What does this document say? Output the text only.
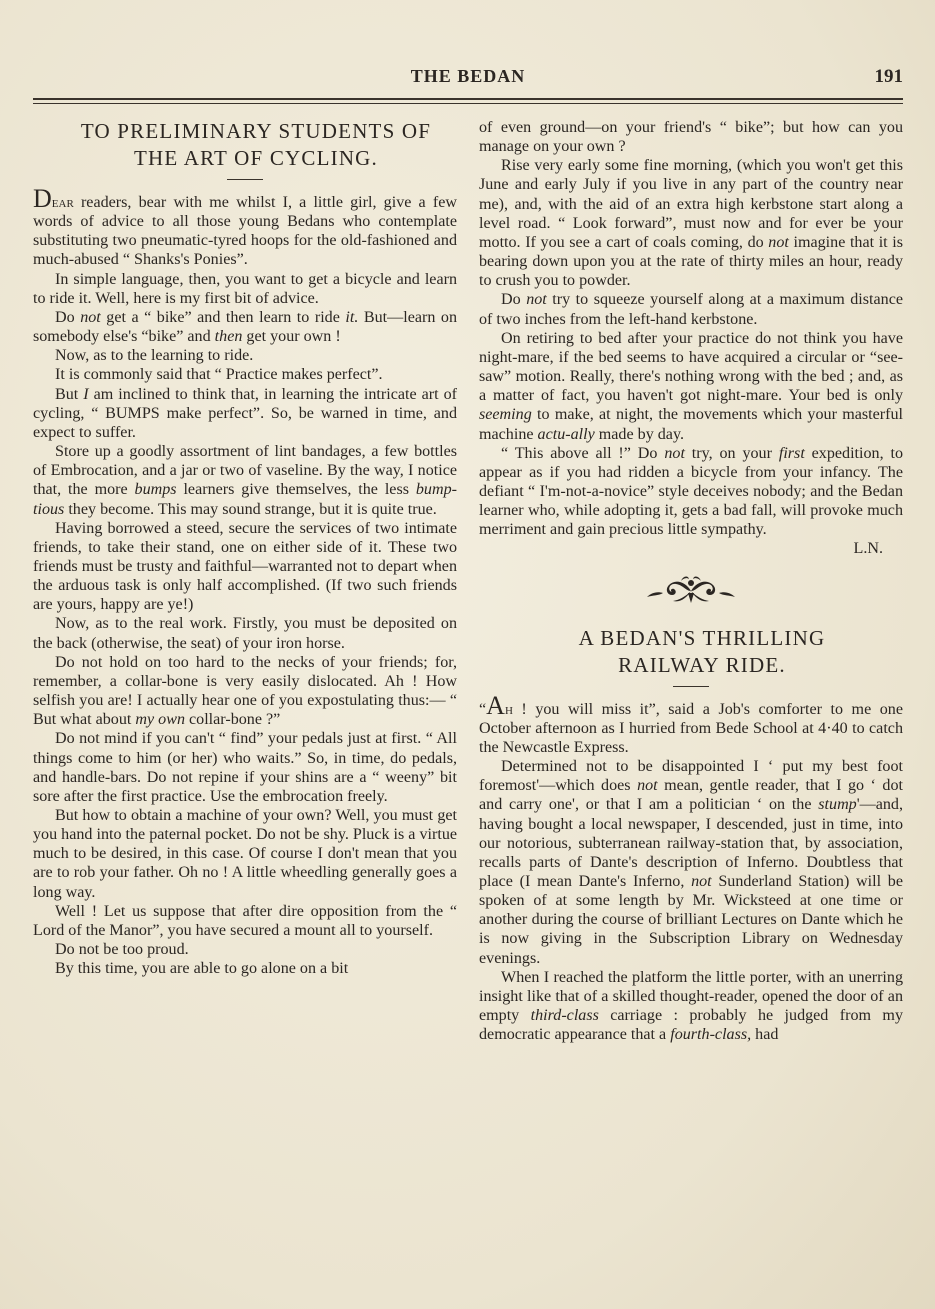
THE BEDAN	191

TO PRELIMINARY STUDENTS OF

THE ART OF CYCLING.

Dear readers, bear with me whilst I, a little girl, give a few words of advice to all those young Bedans who contemplate substituting two pneumatic-tyred hoops for the old-fashioned and much-abused “ Shanks's Ponies”.

In simple language, then, you want to get a bicycle and learn to ride it. Well, here is my first bit of advice.

Do not get a “ bike” and then learn to ride it. But—learn on somebody else's “bike” and then get your own !

Now, as to the learning to ride.

It is commonly said that “ Practice makes perfect”.

But I am inclined to think that, in learning the intricate art of cycling, “ BUMPS make perfect”. So, be warned in time, and expect to suffer.

Store up a goodly assortment of lint bandages, a few bottles of Embrocation, and a jar or two of vaseline. By the way, I notice that, the more bumps learners give themselves, the less bump-tious they become. This may sound strange, but it is quite true.

Having borrowed a steed, secure the services of two intimate friends, to take their stand, one on either side of it. These two friends must be trusty and faithful—warranted not to depart when the arduous task is only half accomplished. (If two such friends are yours, happy are ye!)

Now, as to the real work. Firstly, you must be deposited on the back (otherwise, the seat) of your iron horse.

Do not hold on too hard to the necks of your friends; for, remember, a collar-bone is very easily dislocated. Ah ! How selfish you are! I actually hear one of you expostulating thus:— “ But what about my own collar-bone ?”

Do not mind if you can't “ find” your pedals just at first. “ All things come to him (or her) who waits.” So, in time, do pedals, and handle-bars. Do not repine if your shins are a “ weeny” bit sore after the first practice. Use the embrocation freely.

But how to obtain a machine of your own? Well, you must get you hand into the paternal pocket. Do not be shy. Pluck is a virtue much to be desired, in this case. Of course I don't mean that you are to rob your father. Oh no ! A little wheedling generally goes a long way.

Well ! Let us suppose that after dire opposition from the “ Lord of the Manor”, you have secured a mount all to yourself.

Do not be too proud.

By this time, you are able to go alone on a bit

of even ground—on your friend's “ bike”; but how can you manage on your own ?

Rise very early some fine morning, (which you won't get this June and early July if you live in any part of the country near me), and, with the aid of an extra high kerbstone start along a level road. “ Look forward”, must now and for ever be your motto. If you see a cart of coals coming, do not imagine that it is bearing down upon you at the rate of thirty miles an hour, ready to crush you to powder.

Do not try to squeeze yourself along at a maximum distance of two inches from the left-hand kerbstone.

On retiring to bed after your practice do not think you have night-mare, if the bed seems to have acquired a circular or “see-saw” motion. Really, there's nothing wrong with the bed ; and, as a matter of fact, you haven't got night-mare. Your bed is only seeming to make, at night, the movements which your masterful machine actu-ally made by day.

“ This above all !” Do not try, on your first expedition, to appear as if you had ridden a bicycle from your infancy. The defiant “ I'm-not-a-novice” style deceives nobody; and the Bedan learner who, while adopting it, gets a bad fall, will provoke much merriment and gain precious little sympathy.

L.N.

A BEDAN'S THRILLING

RAILWAY RIDE.

“Ah ! you will miss it”, said a Job's comforter to me one October afternoon as I hurried from Bede School at 4·40 to catch the Newcastle Express.

Determined not to be disappointed I ‘ put my best foot foremost'—which does not mean, gentle reader, that I go ‘ dot and carry one', or that I am a politician ‘ on the stump'—and, having bought a local newspaper, I descended, just in time, into our notorious, subterranean railway-station that, by association, recalls parts of Dante's description of Inferno. Doubtless that place (I mean Dante's Inferno, not Sunderland Station) will be spoken of at some length by Mr. Wicksteed at one time or another during the course of brilliant Lectures on Dante which he is now giving in the Subscription Library on Wednesday evenings.

When I reached the platform the little porter, with an unerring insight like that of a skilled thought-reader, opened the door of an empty third-class carriage : probably he judged from my democratic appearance that a fourth-class, had
